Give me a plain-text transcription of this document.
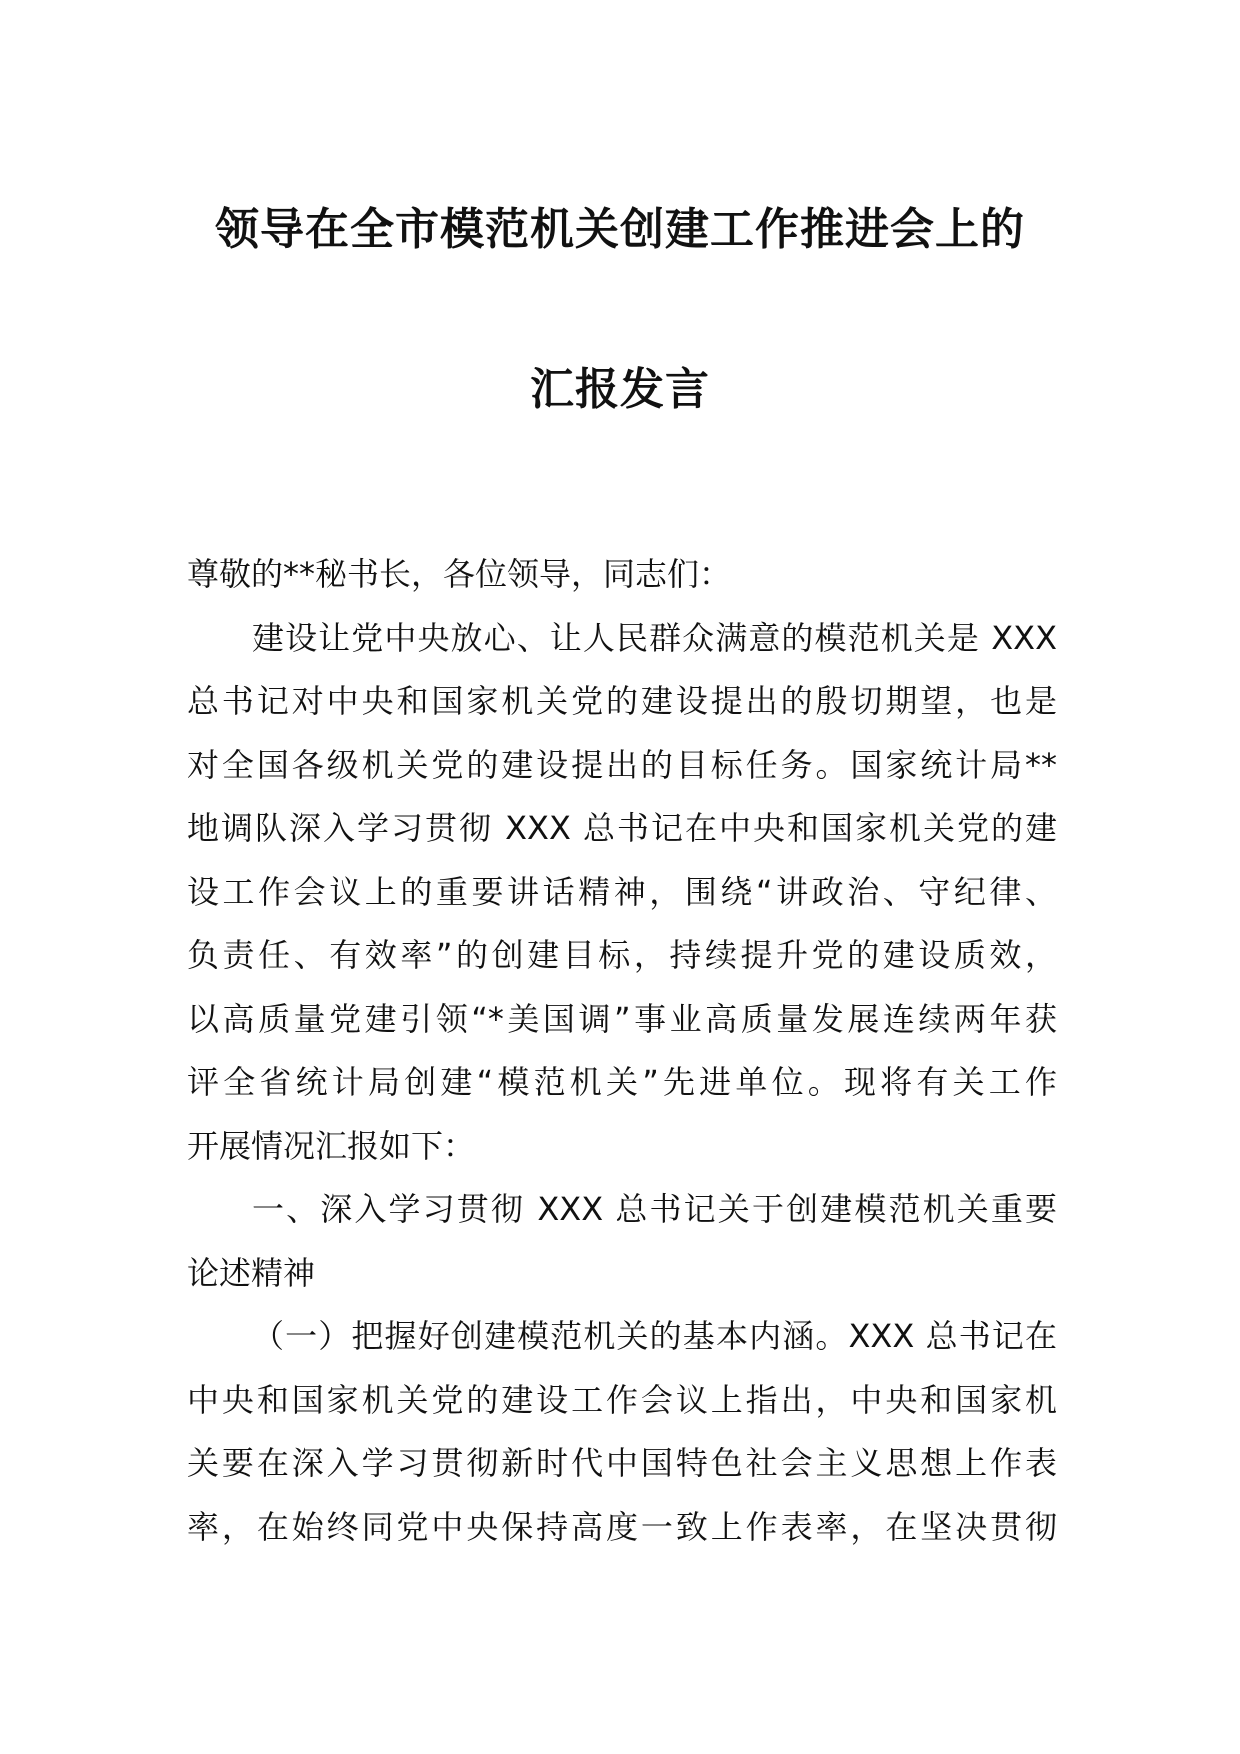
领导在全市模范机关创建工作推进会上的
汇报发言
尊敬的**秘书长，各位领导，同志们：
建设让党中央放心、让人民群众满意的模范机关是 XXX
总书记对中央和国家机关党的建设提出的殷切期望，也是
对全国各级机关党的建设提出的目标任务。国家统计局**
地调队深入学习贯彻 XXX 总书记在中央和国家机关党的建
设工作会议上的重要讲话精神，围绕“讲政治、守纪律、
负责任、有效率”的创建目标，持续提升党的建设质效，
以高质量党建引领“*美国调”事业高质量发展连续两年获
评全省统计局创建“模范机关”先进单位。现将有关工作
开展情况汇报如下：
一、深入学习贯彻 XXX 总书记关于创建模范机关重要
论述精神
（一）把握好创建模范机关的基本内涵。XXX 总书记在
中央和国家机关党的建设工作会议上指出，中央和国家机
关要在深入学习贯彻新时代中国特色社会主义思想上作表
率，在始终同党中央保持高度一致上作表率，在坚决贯彻
